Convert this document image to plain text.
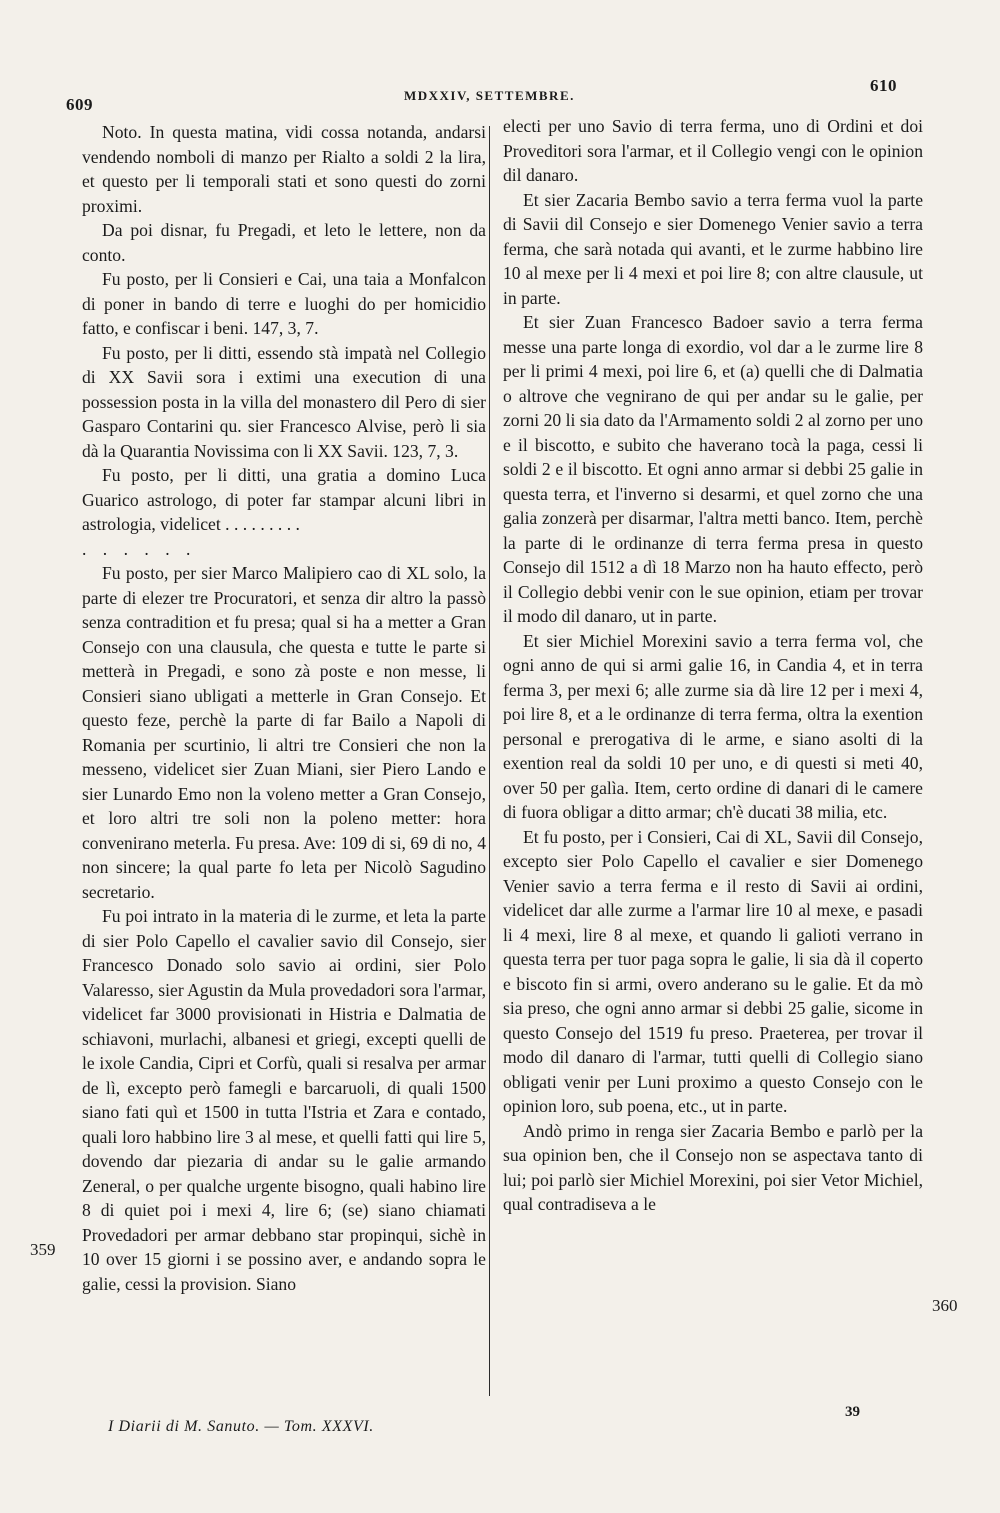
609	MDXXIV, SETTEMBRE.
610

Noto. In questa matina, vidi cossa notanda, andarsi vendendo nomboli di manzo per Rialto a soldi 2 la lira, et questo per li temporali stati et sono questi do zorni proximi.

Da poi disnar, fu Pregadi, et leto le lettere, non da conto.

Fu posto, per li Consieri e Cai, una taia a Monfalcon di poner in bando di terre e luoghi do per homicidio fatto, e confiscar i beni. 147, 3, 7.

Fu posto, per li ditti, essendo stà impatà nel Collegio di XX Savii sora i extimi una execution di una possession posta in la villa del monastero dil Pero di sier Gasparo Contarini qu. sier Francesco Alvise, però li sia dà la Quarantia Novissima con li XX Savii. 123, 7, 3.

Fu posto, per li ditti, una gratia a domino Luca Guarico astrologo, di poter far stampar alcuni libri in astrologia, videlicet . . . . . . . . .

. . . . . .

Fu posto, per sier Marco Malipiero cao di XL solo, la parte di elezer tre Procuratori, et senza dir altro la passò senza contradition et fu presa; qual si ha a metter a Gran Consejo con una clausula, che questa e tutte le parte si metterà in Pregadi, e sono zà poste e non messe, li Consieri siano ubligati a metterle in Gran Consejo. Et questo feze, perchè la parte di far Bailo a Napoli di Romania per scurtinio, li altri tre Consieri che non la messeno, videlicet sier Zuan Miani, sier Piero Lando e sier Lunardo Emo non la voleno metter a Gran Consejo, et loro altri tre soli non la poleno metter: hora convenirano meterla. Fu presa. Ave: 109 di si, 69 di no, 4 non sincere; la qual parte fo leta per Nicolò Sagudino secretario.

Fu poi intrato in la materia di le zurme, et leta la parte di sier Polo Capello el cavalier savio dil Consejo, sier Francesco Donado solo savio ai ordini, sier Polo Valaresso, sier Agustin da Mula provedadori sora l'armar, videlicet far 3000 provisionati in Histria e Dalmatia de schiavoni, murlachi, albanesi et griegi, excepti quelli de le ixole Candia, Cipri et Corfù, quali si resalva per armar de lì, excepto però famegli e barcaruoli, di quali 1500 siano fati quì et 1500 in tutta l'Istria et Zara e contado, quali loro habbino lire 3 al mese, et quelli fatti qui lire 5, dovendo dar piezaria di andar su le galie armando Zeneral, o per qualche urgente bisogno, quali habino lire 8 di quiet poi i mexi 4, lire 6; (se) siano chiamati Provedadori per armar debbano star propinqui, sichè in 10 over 15 giorni i se possino aver, e andando sopra le galie, cessi la provision. Siano

electi per uno Savio di terra ferma, uno di Ordini et doi Proveditori sora l'armar, et il Collegio vengi con le opinion dil danaro.

Et sier Zacaria Bembo savio a terra ferma vuol la parte di Savii dil Consejo e sier Domenego Venier savio a terra ferma, che sarà notada qui avanti, et le zurme habbino lire 10 al mexe per li 4 mexi et poi lire 8; con altre clausule, ut in parte.

Et sier Zuan Francesco Badoer savio a terra ferma messe una parte longa di exordio, vol dar a le zurme lire 8 per li primi 4 mexi, poi lire 6, et (a) quelli che di Dalmatia o altrove che vegnirano de qui per andar su le galie, per zorni 20 li sia dato da l'Armamento soldi 2 al zorno per uno e il biscotto, e subito che haverano tocà la paga, cessi li soldi 2 e il biscotto. Et ogni anno armar si debbi 25 galie in questa terra, et l'inverno si desarmi, et quel zorno che una galia zonzerà per disarmar, l'altra metti banco. Item, perchè la parte di le ordinanze di terra ferma presa in questo Consejo dil 1512 a dì 18 Marzo non ha hauto effecto, però il Collegio debbi venir con le sue opinion, etiam per trovar il modo dil danaro, ut in parte.

Et sier Michiel Morexini savio a terra ferma vol, che ogni anno de qui si armi galie 16, in Candia 4, et in terra ferma 3, per mexi 6; alle zurme sia dà lire 12 per i mexi 4, poi lire 8, et a le ordinanze di terra ferma, oltra la exention personal e prerogativa di le arme, e siano asolti di la exention real da soldi 10 per uno, e di questi si meti 40, over 50 per galìa. Item, certo ordine di danari di le camere di fuora obligar a ditto armar; ch'è ducati 38 milia, etc.

Et fu posto, per i Consieri, Cai di XL, Savii dil Consejo, excepto sier Polo Capello el cavalier e sier Domenego Venier savio a terra ferma e il resto di Savii ai ordini, videlicet dar alle zurme a l'armar lire 10 al mexe, e pasadi li 4 mexi, lire 8 al mexe, et quando li galioti verrano in questa terra per tuor paga sopra le galie, li sia dà il coperto e biscoto fin si armi, overo anderano su le galie. Et da mò sia preso, che ogni anno armar si debbi 25 galie, sicome in questo Consejo del 1519 fu preso. Praeterea, per trovar il modo dil danaro di l'armar, tutti quelli di Collegio siano obligati venir per Luni proximo a questo Consejo con le opinion loro, sub poena, etc., ut in parte.

Andò primo in renga sier Zacaria Bembo e parlò per la sua opinion ben, che il Consejo non se aspectava tanto di lui; poi parlò sier Michiel Morexini, poi sier Vetor Michiel, qual contradiseva a le

359
360
I Diarii di M. Sanuto. — Tom. XXXVI.
39
